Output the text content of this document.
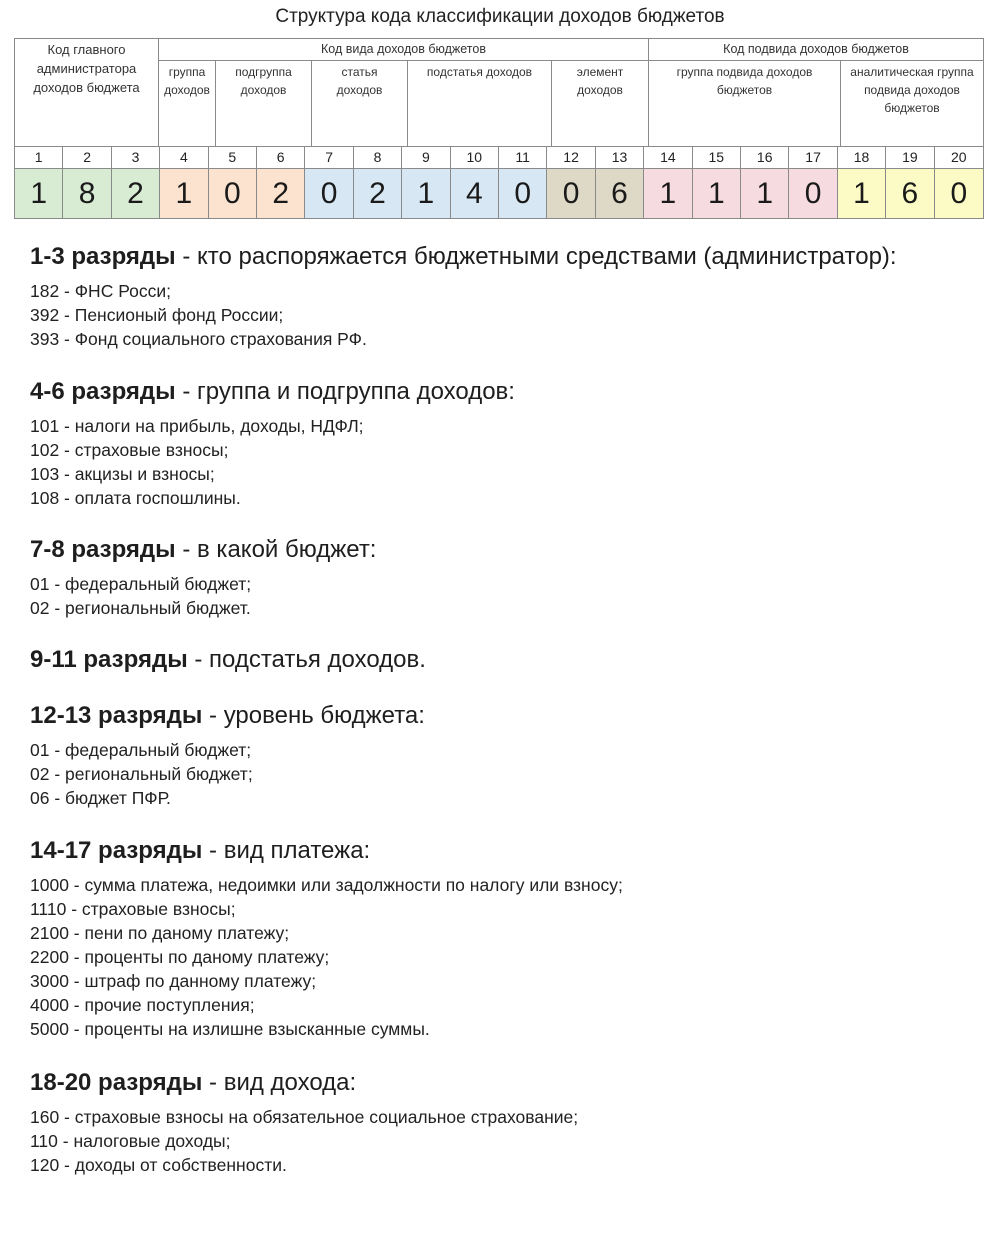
Структура кода классификации доходов бюджетов
Код главного
администратора
доходов бюджета
Код вида доходов бюджетов	Код подвида доходов бюджетов
группа
доходов
подгруппа
доходов
статья
доходов
подстатья доходов	элемент
доходов
группа подвида доходов
бюджетов
аналитическая группа
подвида доходов
бюджетов
1
1
2
8
3
2
4
1
5
0
6
2
7
0
8
2
9
1
10
4
11
0
12
0
13
6
14
1
15
1
16
1
17
0
18
1
19
6
20
0
1-3 разряды - кто распоряжается бюджетными средствами (администратор):
182 - ФНС Росси;
392 - Пенсионый фонд России;
393 - Фонд социального страхования РФ.
4-6 разряды - группа и подгруппа доходов:
101 - налоги на прибыль, доходы, НДФЛ;
102 - страховые взносы;
103 - акцизы и взносы;
108 - оплата госпошлины.
7-8 разряды - в какой бюджет:
01 - федеральный бюджет;
02 - региональный бюджет.
9-11 разряды - подстатья доходов.
12-13 разряды - уровень бюджета:
01 - федеральный бюджет;
02 - региональный бюджет;
06 - бюджет ПФР.
14-17 разряды - вид платежа:
1000 - сумма платежа, недоимки или задолжности по налогу или взносу;
1110 - страховые взносы;
2100 - пени по даному платежу;
2200 - проценты по даному платежу;
3000 - штраф по данному платежу;
4000 - прочие поступления;
5000 - проценты на излишне взысканные суммы.
18-20 разряды - вид дохода:
160 - страховые взносы на обязательное социальное страхование;
110 - налоговые доходы;
120 - доходы от собственности.
